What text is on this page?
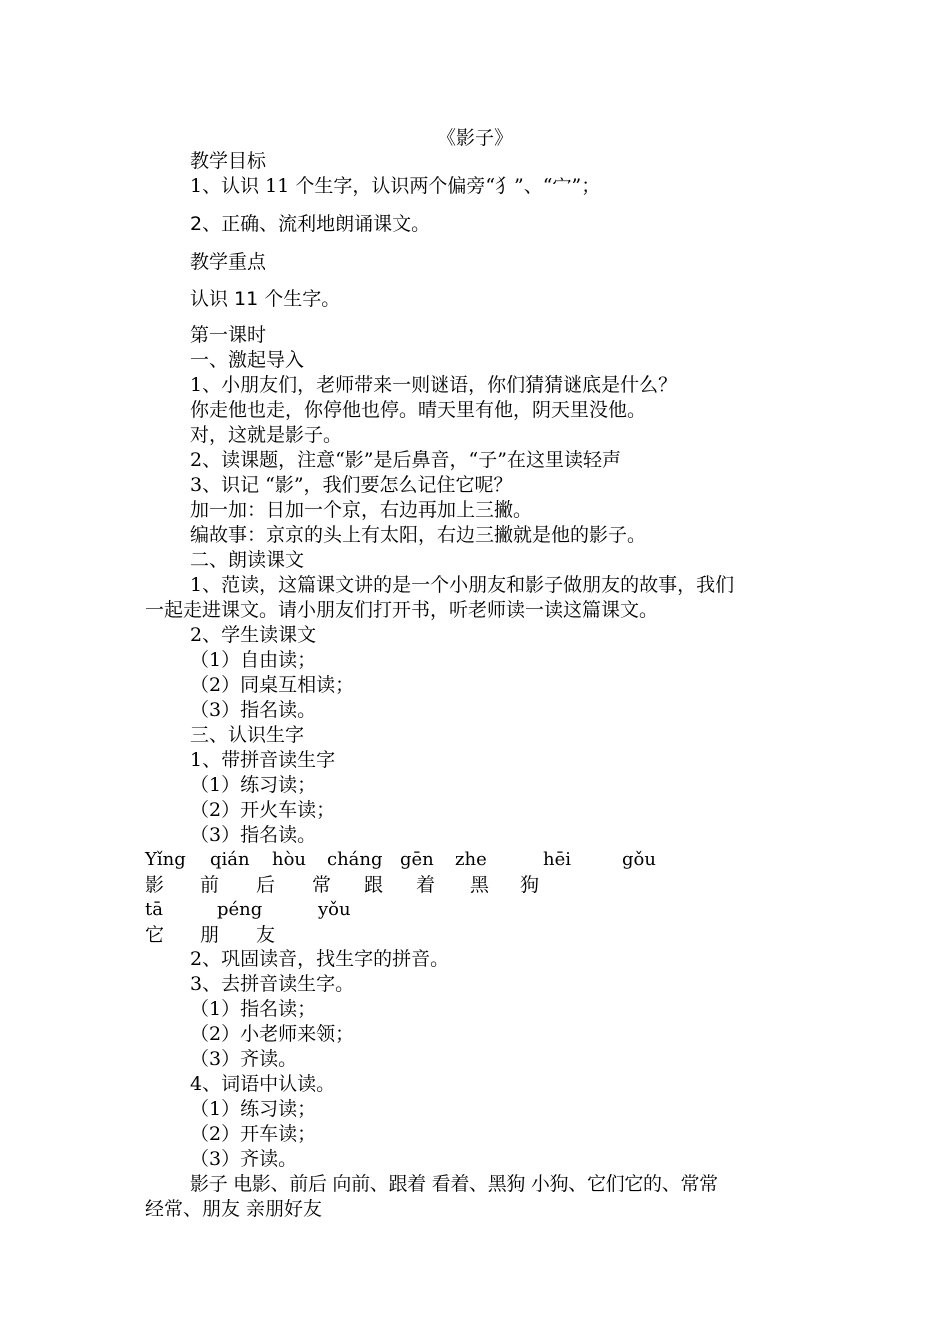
《影子》
教学目标
1、认识 11 个生字，认识两个偏旁“犭”、“宀”；
2、正确、流利地朗诵课文。
教学重点
认识 11 个生字。
第一课时
一、激起导入
1、小朋友们，老师带来一则谜语，你们猜猜谜底是什么？
你走他也走，你停他也停。晴天里有他，阴天里没他。
对，这就是影子。
2、读课题，注意“影”是后鼻音，“子”在这里读轻声
3、识记 “影”，我们要怎么记住它呢？
加一加：日加一个京，右边再加上三撇。
编故事：京京的头上有太阳，右边三撇就是他的影子。
二、朗读课文
1、范读，这篇课文讲的是一个小朋友和影子做朋友的故事，我们
一起走进课文。请小朋友们打开书，听老师读一读这篇课文。
2、学生读课文
（1）自由读；
（2）同桌互相读；
（3）指名读。
三、认识生字
1、带拼音读生字
（1）练习读；
（2）开火车读；
（3）指名读。
Yǐng qián hòu cháng gēn zhe	hēi	gǒu
影 前 后 常 跟 着 黑 狗
tā	péng	yǒu
它 朋 友
2、巩固读音，找生字的拼音。
3、去拼音读生字。
（1）指名读；
（2）小老师来领；
（3）齐读。
4、词语中认读。
（1）练习读；
（2）开车读；
（3）齐读。
影子 电影、前后 向前、跟着 看着、黑狗 小狗、它们它的、常常
经常、朋友 亲朋好友
